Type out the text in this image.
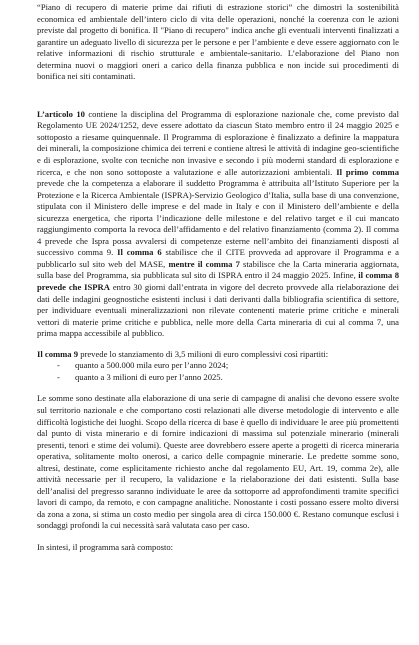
“Piano di recupero di materie prime dai rifiuti di estrazione storici” che dimostri la sostenibilità economica ed ambientale dell’intero ciclo di vita delle operazioni, nonché la coerenza con le azioni previste dal progetto di bonifica. Il "Piano di recupero" indica anche gli eventuali interventi finalizzati a garantire un adeguato livello di sicurezza per le persone e per l’ambiente e deve essere aggiornato con le relative informazioni di rischio strutturale e ambientale-sanitario. L’elaborazione del Piano non determina nuovi o maggiori oneri a carico della finanza pubblica e non incide sui procedimenti di bonifica nei siti contaminati.

L’articolo 10 contiene la disciplina del Programma di esplorazione nazionale che, come previsto dal Regolamento UE 2024/1252, deve essere adottato da ciascun Stato membro entro il 24 maggio 2025 e sottoposto a riesame quinquennale. Il Programma di esplorazione è finalizzato a definire la mappatura dei minerali, la composizione chimica dei terreni e contiene altresì le attività di indagine geo-scientifiche e di esplorazione, svolte con tecniche non invasive e secondo i più moderni standard di esplorazione e ricerca, e che non sono sottoposte a valutazione e alle autorizzazioni ambientali. Il primo comma prevede che la competenza a elaborare il suddetto Programma è attribuita all’Istituto Superiore per la Protezione e la Ricerca Ambientale (ISPRA)-Servizio Geologico d’Italia, sulla base di una convenzione, stipulata con il Ministero delle imprese e del made in Italy e con il Ministero dell’ambiente e della sicurezza energetica, che riporta l’indicazione delle milestone e del relativo target e il cui mancato raggiungimento comporta la revoca dell’affidamento e del relativo finanziamento (comma 2). Il comma 4 prevede che Ispra possa avvalersi di competenze esterne nell’ambito dei finanziamenti disposti al successivo comma 9. Il comma 6 stabilisce che il CITE provveda ad approvare il Programma e a pubblicarlo sul sito web del MASE, mentre il comma 7 stabilisce che la Carta mineraria aggiornata, sulla base del Programma, sia pubblicata sul sito di ISPRA entro il 24 maggio 2025. Infine, il comma 8 prevede che ISPRA entro 30 giorni dall’entrata in vigore del decreto provvede alla rielaborazione dei dati delle indagini geognostiche esistenti inclusi i dati derivanti dalla bibliografia scientifica di settore, per individuare eventuali mineralizzazioni non rilevate contenenti materie prime critiche e minerali vettori di materie prime critiche e pubblica, nelle more della Carta mineraria di cui al comma 7, una prima mappa accessibile al pubblico.

Il comma 9 prevede lo stanziamento di 3,5 milioni di euro complessivi così ripartiti:

- quanto a 500.000 mila euro per l’anno 2024;
- quanto a 3 milioni di euro per l’anno 2025.

Le somme sono destinate alla elaborazione di una serie di campagne di analisi che devono essere svolte sul territorio nazionale e che comportano costi relazionati alle diverse metodologie di intervento e alle difficoltà logistiche dei luoghi. Scopo della ricerca di base è quello di individuare le aree più promettenti dal punto di vista minerario e di fornire indicazioni di massima sul potenziale minerario (minerali presenti, tenori e stime dei volumi). Queste aree dovrebbero essere aperte a progetti di ricerca mineraria operativa, solitamente molto onerosi, a carico delle compagnie minerarie. Le predette somme sono, altresì, destinate, come esplicitamente richiesto anche dal regolamento EU, Art. 19, comma 2e), alle attività necessarie per il recupero, la validazione e la rielaborazione dei dati esistenti. Sulla base dell’analisi del pregresso saranno individuate le aree da sottoporre ad approfondimenti tramite specifici lavori di campo, da remoto, e con campagne analitiche. Nonostante i costi possano essere molto diversi da zona a zona, si stima un costo medio per singola area di circa 150.000 €. Restano comunque esclusi i sondaggi profondi la cui necessità sarà valutata caso per caso.

In sintesi, il programma sarà composto:
